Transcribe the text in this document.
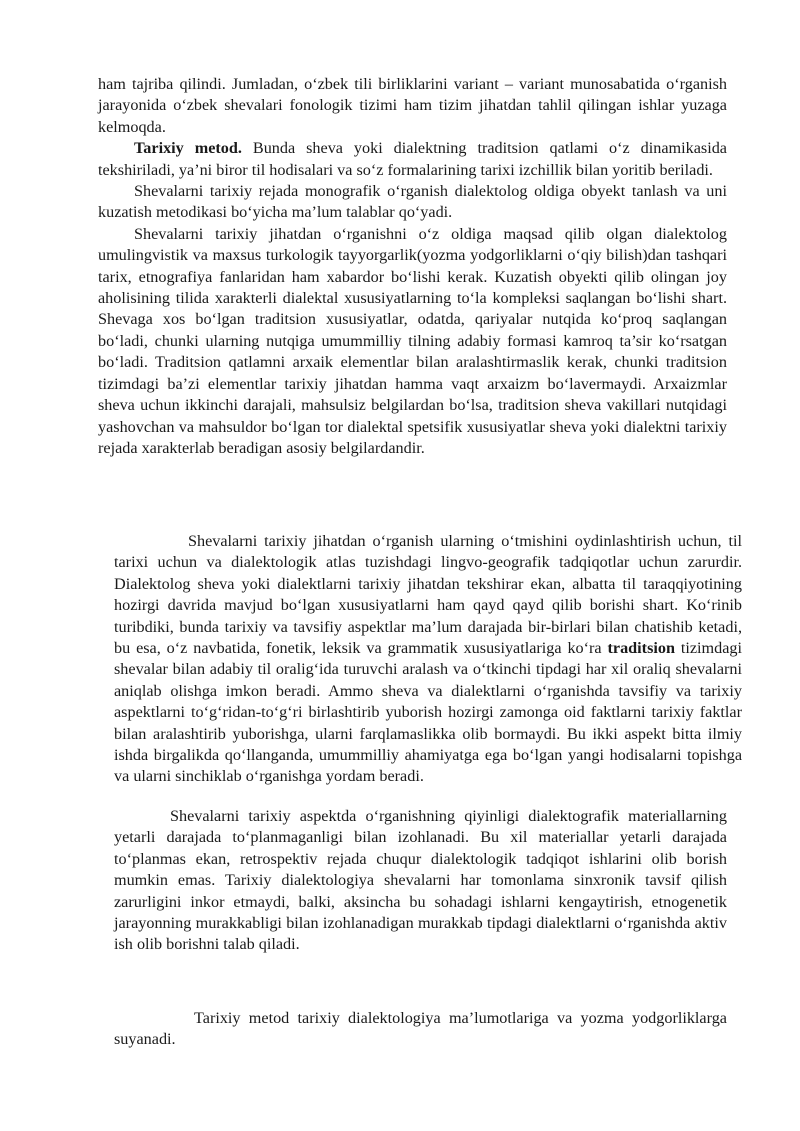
ham tajriba qilindi. Jumladan, o‘zbek tili birliklarini variant – variant munosabatida o‘rganish jarayonida o‘zbek shevalari fonologik tizimi ham tizim jihatdan tahlil qilingan ishlar yuzaga kelmoqda.

Tarixiy metod. Bunda sheva yoki dialektning traditsion qatlami o‘z dinamikasida tekshiriladi, ya’ni biror til hodisalari va so‘z formalarining tarixi izchillik bilan yoritib beriladi.

Shevalarni tarixiy rejada monografik o‘rganish dialektolog oldiga obyekt tanlash va uni kuzatish metodikasi bo‘yicha ma’lum talablar qo‘yadi.

Shevalarni tarixiy jihatdan o‘rganishni o‘z oldiga maqsad qilib olgan dialektolog umulingvistik va maxsus turkologik tayyorgarlik(yozma yodgorliklarni o‘qiy bilish)dan tashqari tarix, etnografiya fanlaridan ham xabardor bo‘lishi kerak. Kuzatish obyekti qilib olingan joy aholisining tilida xarakterli dialektal xususiyatlarning to‘la kompleksi saqlangan bo‘lishi shart. Shevaga xos bo‘lgan traditsion xususiyatlar, odatda, qariyalar nutqida ko‘proq saqlangan bo‘ladi, chunki ularning nutqiga umummilliy tilning adabiy formasi kamroq ta’sir ko‘rsatgan bo‘ladi. Traditsion qatlamni arxaik elementlar bilan aralashtirmaslik kerak, chunki traditsion tizimdagi ba’zi elementlar tarixiy jihatdan hamma vaqt arxaizm bo‘lavermaydi. Arxaizmlar sheva uchun ikkinchi darajali, mahsulsiz belgilardan bo‘lsa, traditsion sheva vakillari nutqidagi yashovchan va mahsuldor bo‘lgan tor dialektal spetsifik xususiyatlar sheva yoki dialektni tarixiy rejada xarakterlab beradigan asosiy belgilardandir.

Shevalarni tarixiy jihatdan o‘rganish ularning o‘tmishini oydinlashtirish uchun, til tarixi uchun va dialektologik atlas tuzishdagi lingvo-geografik tadqiqotlar uchun zarurdir. Dialektolog sheva yoki dialektlarni tarixiy jihatdan tekshirar ekan, albatta til taraqqiyotining hozirgi davrida mavjud bo‘lgan xususiyatlarni ham qayd qayd qilib borishi shart. Ko‘rinib turibdiki, bunda tarixiy va tavsifiy aspektlar ma’lum darajada bir-birlari bilan chatishib ketadi, bu esa, o‘z navbatida, fonetik, leksik va grammatik xususiyatlariga ko‘ra traditsion tizimdagi shevalar bilan adabiy til oralig‘ida turuvchi aralash va o‘tkinchi tipdagi har xil oraliq shevalarni aniqlab olishga imkon beradi. Ammo sheva va dialektlarni o‘rganishda tavsifiy va tarixiy aspektlarni to‘g‘ridan-to‘g‘ri birlashtirib yuborish hozirgi zamonga oid faktlarni tarixiy faktlar bilan aralashtirib yuborishga, ularni farqlamaslikka olib bormaydi. Bu ikki aspekt bitta ilmiy ishda birgalikda qo‘llanganda, umummilliy ahamiyatga ega bo‘lgan yangi hodisalarni topishga va ularni sinchiklab o‘rganishga yordam beradi.

Shevalarni tarixiy aspektda o‘rganishning qiyinligi dialektografik materiallarning yetarli darajada to‘planmaganligi bilan izohlanadi. Bu xil materiallar yetarli darajada to‘planmas ekan, retrospektiv rejada chuqur dialektologik tadqiqot ishlarini olib borish mumkin emas. Tarixiy dialektologiya shevalarni har tomonlama sinxronik tavsif qilish zarurligini inkor etmaydi, balki, aksincha bu sohadagi ishlarni kengaytirish, etnogenetik jarayonning murakkabligi bilan izohlanadigan murakkab tipdagi dialektlarni o‘rganishda aktiv ish olib borishni talab qiladi.

Tarixiy metod tarixiy dialektologiya ma’lumotlariga va yozma yodgorliklarga suyanadi.
